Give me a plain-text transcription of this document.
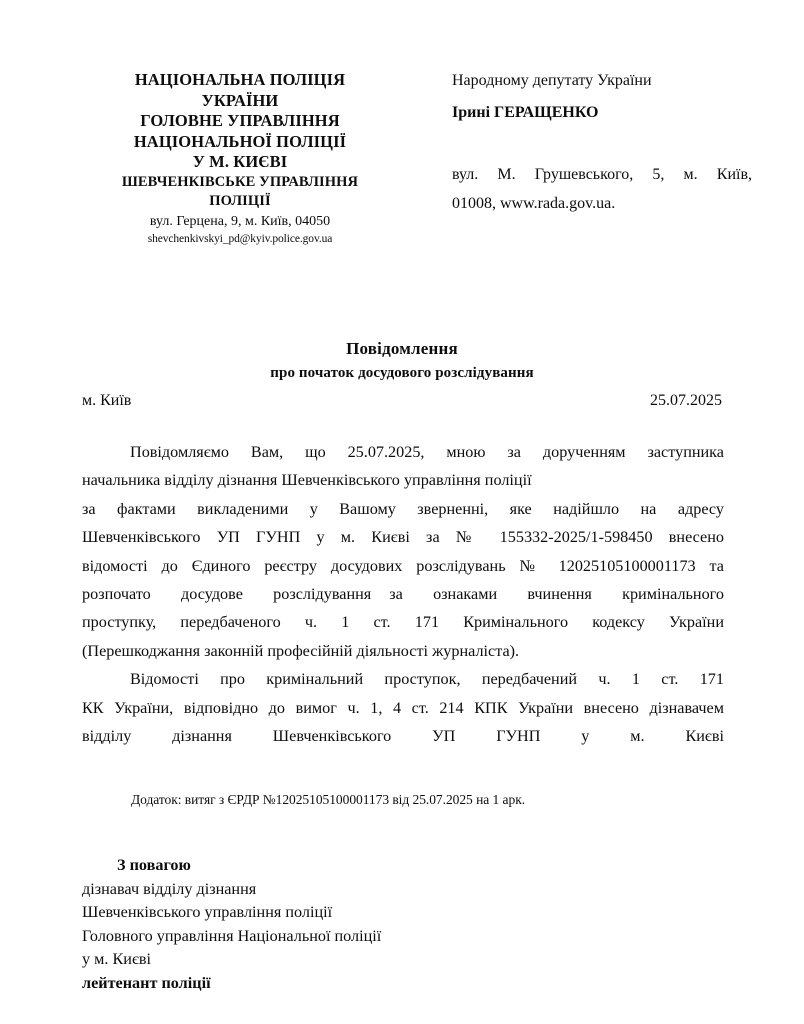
НАЦІОНАЛЬНА ПОЛІЦІЯ
УКРАЇНИ
ГОЛОВНЕ УПРАВЛІННЯ
НАЦІОНАЛЬНОЇ ПОЛІЦІЇ
У М. КИЄВІ
ШЕВЧЕНКІВСЬКЕ УПРАВЛІННЯ
ПОЛІЦІЇ
вул. Герцена, 9, м. Київ, 04050
shevchenkivskyi_pd@kyiv.police.gov.ua
Народному депутату України
Ірині ГЕРАЩЕНКО
вул. М. Грушевського, 5, м. Київ,
01008, www.rada.gov.ua.
Повідомлення
про початок досудового розслідування
м. Київ	25.07.2025

Повідомляємо Вам, що 25.07.2025, мною за дорученням заступника
начальника відділу дізнання Шевченківського управління поліції
за фактами викладеними у Вашому зверненні, яке надійшло на адресу
Шевченківського УП ГУНП у м. Києві за № 155332-2025/1-598450 внесено
відомості до Єдиного реєстру досудових розслідувань № 12025105100001173 та
розпочато досудове розслідування за ознаками вчинення кримінального
проступку, передбаченого ч. 1 ст. 171 Кримінального кодексу України
(Перешкоджання законній професійній діяльності журналіста).

Відомості про кримінальний проступок, передбачений ч. 1 ст. 171
КК України, відповідно до вимог ч. 1, 4 ст. 214 КПК України внесено дізнавачем
відділу дізнання Шевченківського УП ГУНП у м. Києві

Додаток: витяг з ЄРДР №12025105100001173 від 25.07.2025 на 1 арк.
З повагою
дізнавач відділу дізнання
Шевченківського управління поліції
Головного управління Національної поліції
у м. Києві
лейтенант поліції
